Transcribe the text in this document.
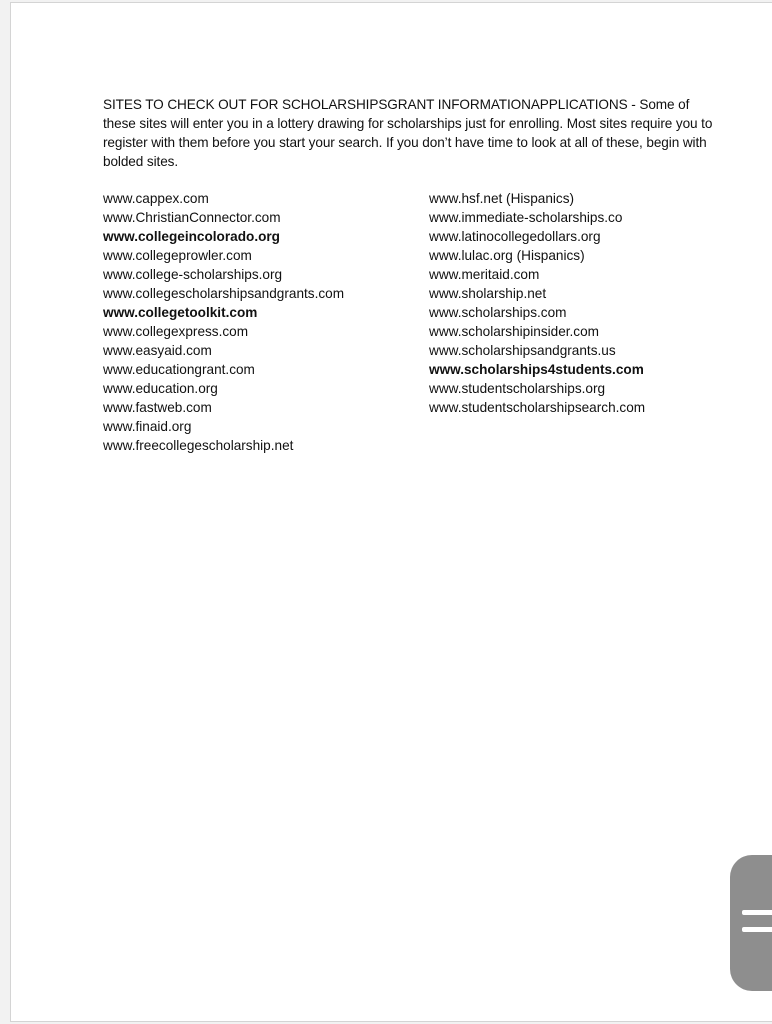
SITES TO CHECK OUT FOR SCHOLARSHIPSGRANT INFORMATIONAPPLICATIONS - Some of these sites will enter you in a lottery drawing for scholarships just for enrolling. Most sites require you to register with them before you start your search. If you don’t have time to look at all of these, begin with bolded sites.

www.cappex.com
www.ChristianConnector.com
www.collegeincolorado.org
www.collegeprowler.com
www.college-scholarships.org
www.collegescholarshipsandgrants.com
www.collegetoolkit.com
www.collegexpress.com
www.easyaid.com
www.educationgrant.com
www.education.org
www.fastweb.com
www.finaid.org
www.freecollegescholarship.net
www.hsf.net (Hispanics)
www.immediate-scholarships.co
www.latinocollegedollars.org
www.lulac.org (Hispanics)
www.meritaid.com
www.sholarship.net
www.scholarships.com
www.scholarshipinsider.com
www.scholarshipsandgrants.us
www.scholarships4students.com
www.studentscholarships.org
www.studentscholarshipsearch.com
